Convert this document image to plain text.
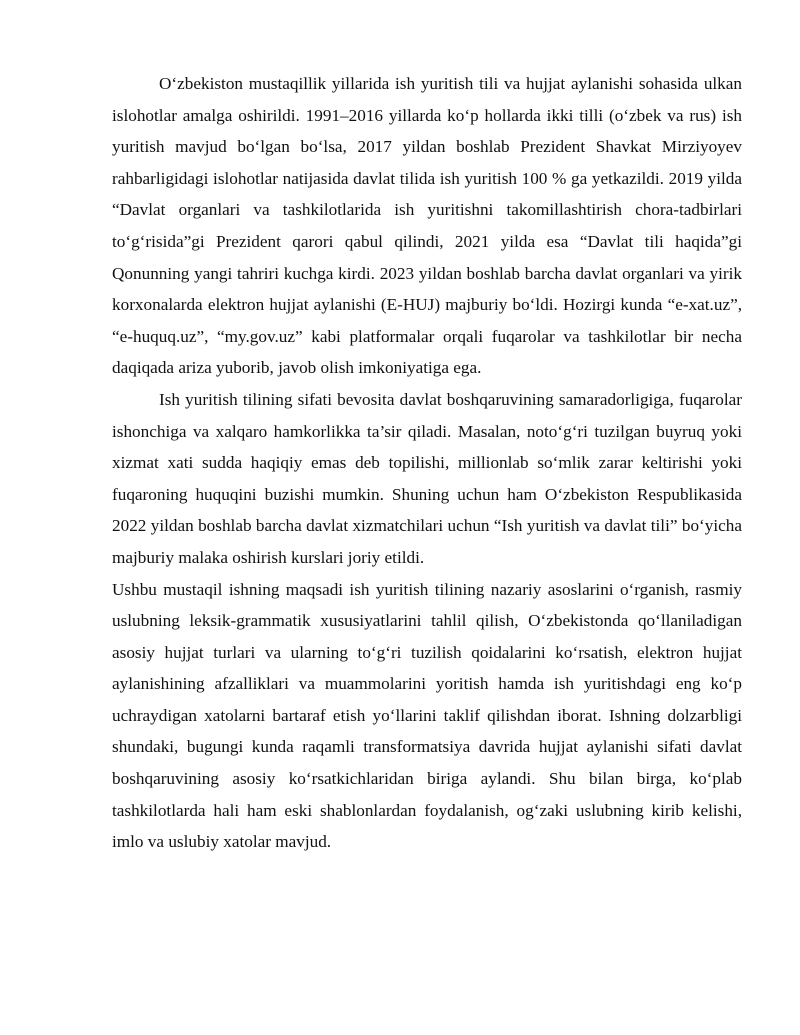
O‘zbekiston mustaqillik yillarida ish yuritish tili va hujjat aylanishi sohasida ulkan islohotlar amalga oshirildi. 1991–2016 yillarda ko‘p hollarda ikki tilli (o‘zbek va rus) ish yuritish mavjud bo‘lgan bo‘lsa, 2017 yildan boshlab Prezident Shavkat Mirziyoyev rahbarligidagi islohotlar natijasida davlat tilida ish yuritish 100 % ga yetkazildi. 2019 yilda “Davlat organlari va tashkilotlarida ish yuritishni takomillashtirish chora-tadbirlari to‘g‘risida”gi Prezident qarori qabul qilindi, 2021 yilda esa “Davlat tili haqida”gi Qonunning yangi tahriri kuchga kirdi. 2023 yildan boshlab barcha davlat organlari va yirik korxonalarda elektron hujjat aylanishi (E-HUJ) majburiy bo‘ldi. Hozirgi kunda “e-xat.uz”, “e-huquq.uz”, “my.gov.uz” kabi platformalar orqali fuqarolar va tashkilotlar bir necha daqiqada ariza yuborib, javob olish imkoniyatiga ega.

Ish yuritish tilining sifati bevosita davlat boshqaruvining samaradorligiga, fuqarolar ishonchiga va xalqaro hamkorlikka ta’sir qiladi. Masalan, noto‘g‘ri tuzilgan buyruq yoki xizmat xati sudda haqiqiy emas deb topilishi, millionlab so‘mlik zarar keltirishi yoki fuqaroning huquqini buzishi mumkin. Shuning uchun ham O‘zbekiston Respublikasida 2022 yildan boshlab barcha davlat xizmatchilari uchun “Ish yuritish va davlat tili” bo‘yicha majburiy malaka oshirish kurslari joriy etildi.

Ushbu mustaqil ishning maqsadi ish yuritish tilining nazariy asoslarini o‘rganish, rasmiy uslubning leksik-grammatik xususiyatlarini tahlil qilish, O‘zbekistonda qo‘llaniladigan asosiy hujjat turlari va ularning to‘g‘ri tuzilish qoidalarini ko‘rsatish, elektron hujjat aylanishining afzalliklari va muammolarini yoritish hamda ish yuritishdagi eng ko‘p uchraydigan xatolarni bartaraf etish yo‘llarini taklif qilishdan iborat. Ishning dolzarbligi shundaki, bugungi kunda raqamli transformatsiya davrida hujjat aylanishi sifati davlat boshqaruvining asosiy ko‘rsatkichlaridan biriga aylandi. Shu bilan birga, ko‘plab tashkilotlarda hali ham eski shablonlardan foydalanish, og‘zaki uslubning kirib kelishi, imlo va uslubiy xatolar mavjud.
